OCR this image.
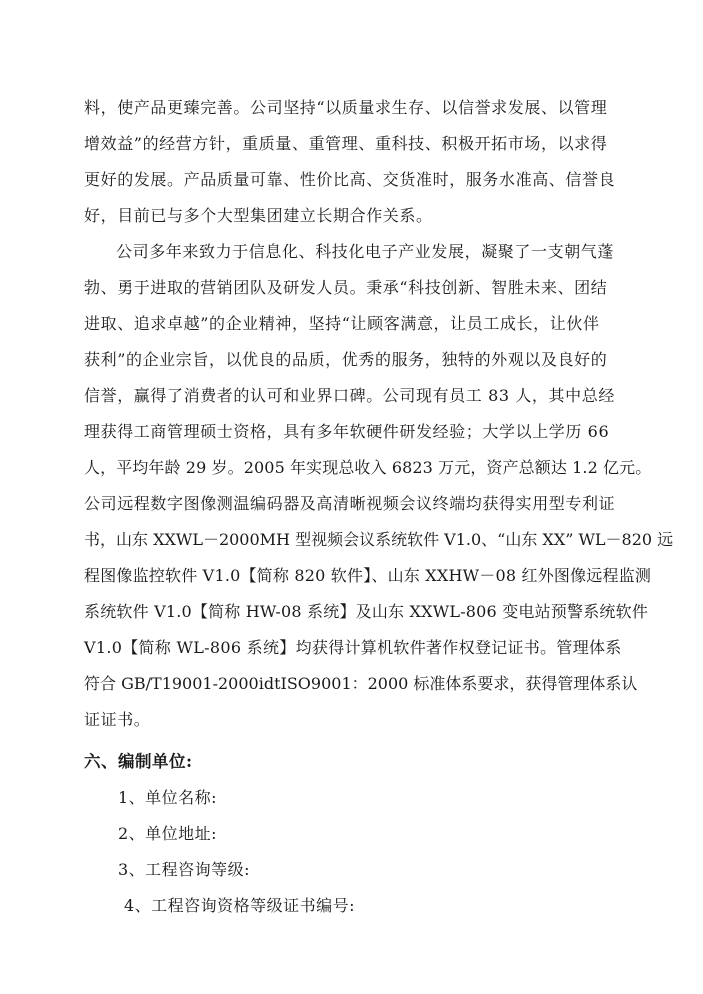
料，使产品更臻完善。公司坚持“以质量求生存、以信誉求发展、以管理
增效益”的经营方针，重质量、重管理、重科技、积极开拓市场，以求得
更好的发展。产品质量可靠、性价比高、交货准时，服务水准高、信誉良
好，目前已与多个大型集团建立长期合作关系。
公司多年来致力于信息化、科技化电子产业发展，凝聚了一支朝气蓬
勃、勇于进取的营销团队及研发人员。秉承“科技创新、智胜未来、团结
进取、追求卓越”的企业精神，坚持“让顾客满意，让员工成长，让伙伴
获利”的企业宗旨，以优良的品质，优秀的服务，独特的外观以及良好的
信誉，赢得了消费者的认可和业界口碑。公司现有员工 83 人，其中总经
理获得工商管理硕士资格，具有多年软硬件研发经验；大学以上学历 66
人，平均年龄 29 岁。2005 年实现总收入 6823 万元，资产总额达 1.2 亿元。
公司远程数字图像测温编码器及高清晰视频会议终端均获得实用型专利证
书，山东 XXWL－2000MH 型视频会议系统软件 V1.0、“山东 XX” WL－820 远
程图像监控软件 V1.0【简称 820 软件】、山东 XXHW－08 红外图像远程监测
系统软件 V1.0【简称 HW-08 系统】及山东 XXWL-806 变电站预警系统软件
V1.0【简称 WL-806 系统】均获得计算机软件著作权登记证书。管理体系
符合 GB/T19001-2000idtISO9001：2000 标准体系要求，获得管理体系认
证证书。
六、编制单位:
1、单位名称:
2、单位地址:
3、工程咨询等级:
4、工程咨询资格等级证书编号:
